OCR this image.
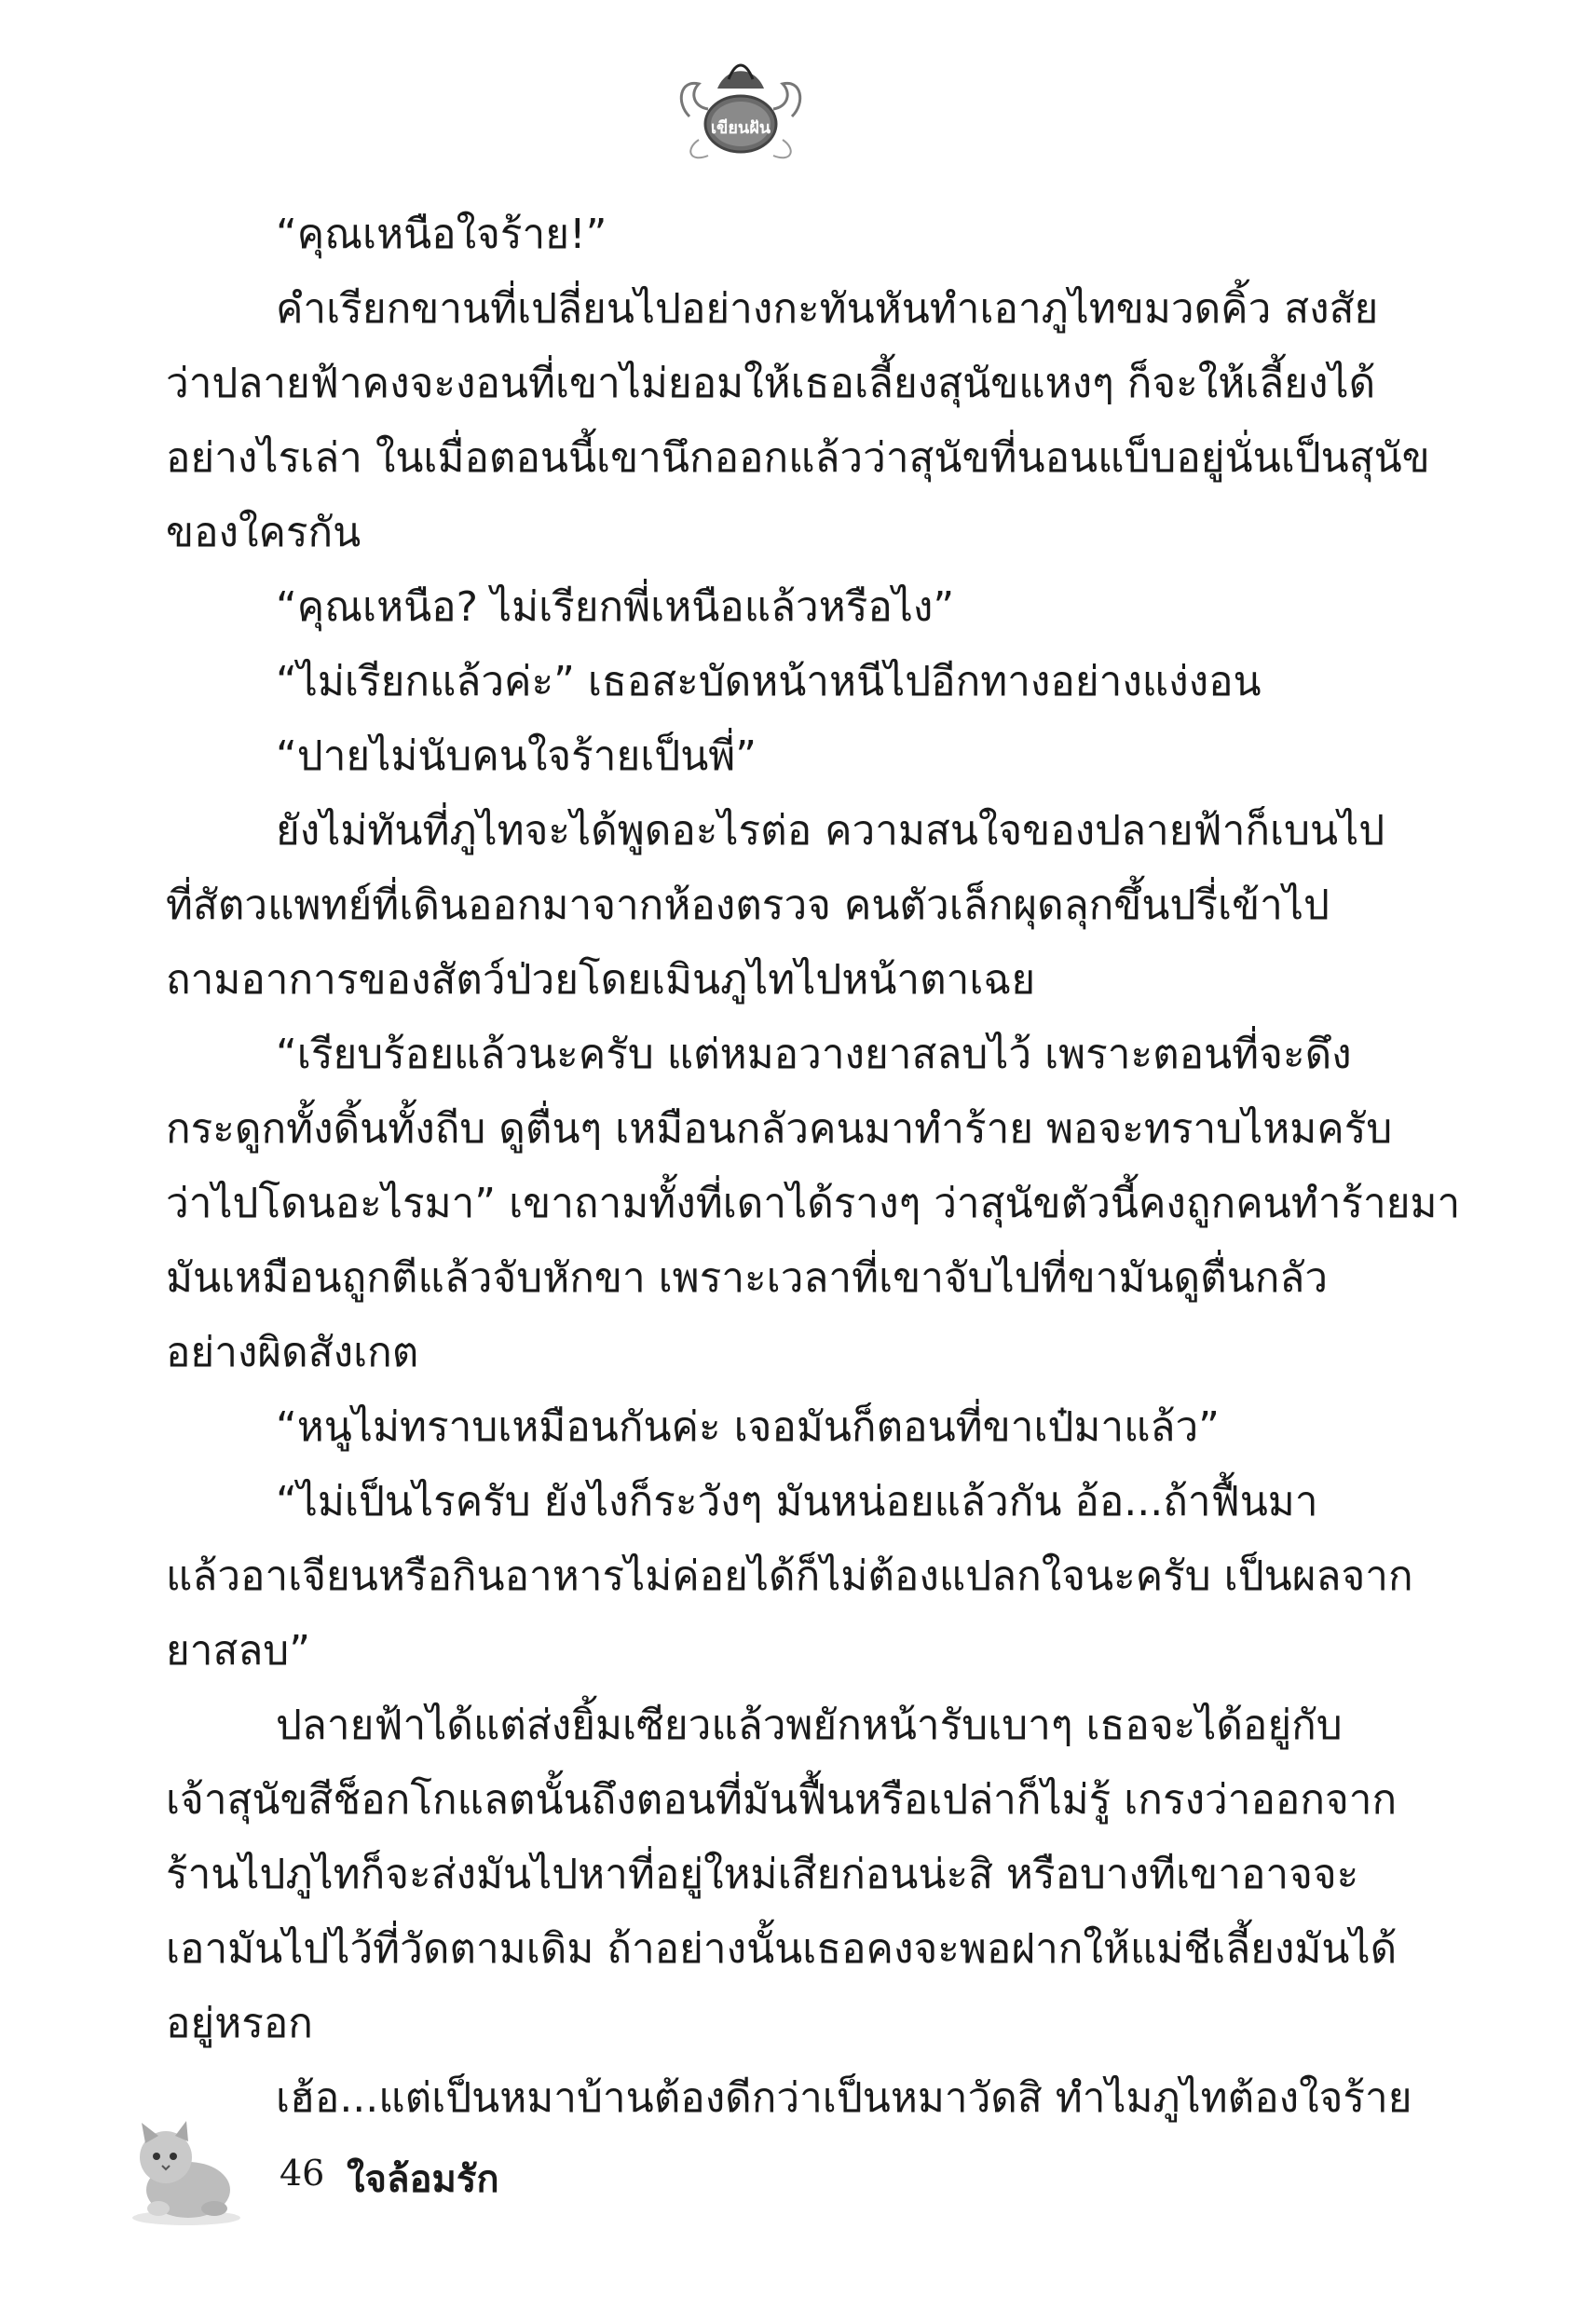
เขียนฝัน
“คุณเหนือใจร้าย!”
คำเรียกขานที่เปลี่ยนไปอย่างกะทันหันทำเอาภูไทขมวดคิ้ว สงสัย
ว่าปลายฟ้าคงจะงอนที่เขาไม่ยอมให้เธอเลี้ยงสุนัขแหงๆ ก็จะให้เลี้ยงได้
อย่างไรเล่า ในเมื่อตอนนี้เขานึกออกแล้วว่าสุนัขที่นอนแบ็บอยู่นั่นเป็นสุนัข
ของใครกัน
“คุณเหนือ? ไม่เรียกพี่เหนือแล้วหรือไง”
“ไม่เรียกแล้วค่ะ” เธอสะบัดหน้าหนีไปอีกทางอย่างแง่งอน
“ปายไม่นับคนใจร้ายเป็นพี่”
ยังไม่ทันที่ภูไทจะได้พูดอะไรต่อ ความสนใจของปลายฟ้าก็เบนไป
ที่สัตวแพทย์ที่เดินออกมาจากห้องตรวจ คนตัวเล็กผุดลุกขึ้นปรี่เข้าไป
ถามอาการของสัตว์ป่วยโดยเมินภูไทไปหน้าตาเฉย
“เรียบร้อยแล้วนะครับ แต่หมอวางยาสลบไว้ เพราะตอนที่จะดึง
กระดูกทั้งดิ้นทั้งถีบ ดูตื่นๆ เหมือนกลัวคนมาทำร้าย พอจะทราบไหมครับ
ว่าไปโดนอะไรมา” เขาถามทั้งที่เดาได้รางๆ ว่าสุนัขตัวนี้คงถูกคนทำร้ายมา
มันเหมือนถูกตีแล้วจับหักขา เพราะเวลาที่เขาจับไปที่ขามันดูตื่นกลัว
อย่างผิดสังเกต
“หนูไม่ทราบเหมือนกันค่ะ เจอมันก็ตอนที่ขาเป๋มาแล้ว”
“ไม่เป็นไรครับ ยังไงก็ระวังๆ มันหน่อยแล้วกัน อ้อ...ถ้าฟื้นมา
แล้วอาเจียนหรือกินอาหารไม่ค่อยได้ก็ไม่ต้องแปลกใจนะครับ เป็นผลจาก
ยาสลบ”
ปลายฟ้าได้แต่ส่งยิ้มเซียวแล้วพยักหน้ารับเบาๆ เธอจะได้อยู่กับ
เจ้าสุนัขสีช็อกโกแลตนั้นถึงตอนที่มันฟื้นหรือเปล่าก็ไม่รู้ เกรงว่าออกจาก
ร้านไปภูไทก็จะส่งมันไปหาที่อยู่ใหม่เสียก่อนน่ะสิ หรือบางทีเขาอาจจะ
เอามันไปไว้ที่วัดตามเดิม ถ้าอย่างนั้นเธอคงจะพอฝากให้แม่ชีเลี้ยงมันได้
อยู่หรอก
เฮ้อ...แต่เป็นหมาบ้านต้องดีกว่าเป็นหมาวัดสิ ทำไมภูไทต้องใจร้าย
46 ใจล้อมรัก
